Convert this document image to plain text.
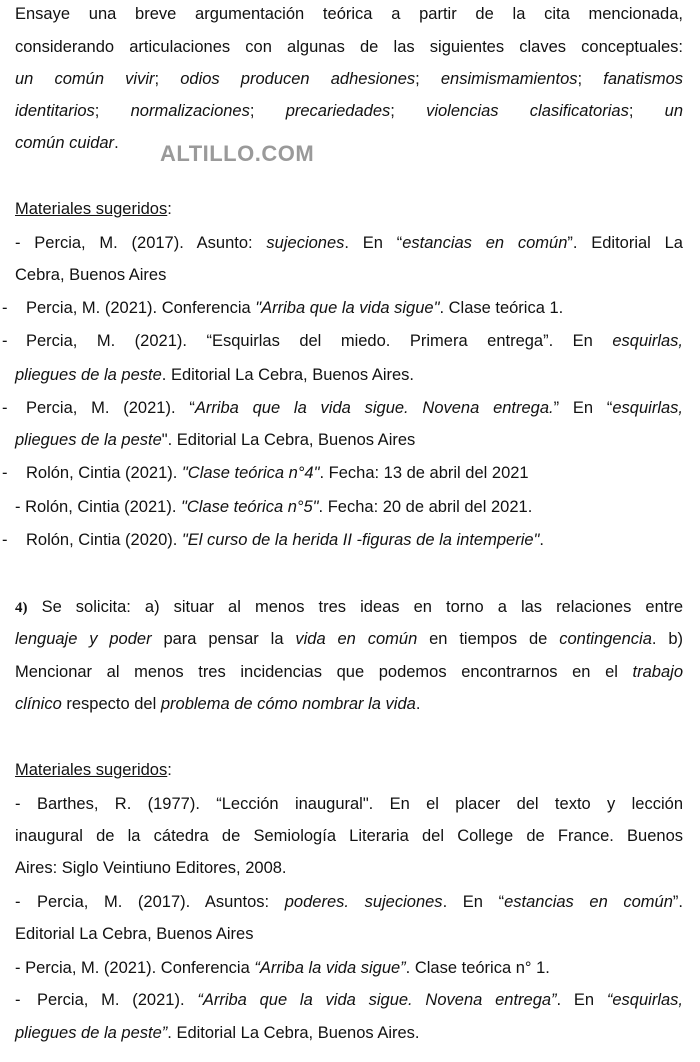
Ensaye una breve argumentación teórica a partir de la cita mencionada,
considerando articulaciones con algunas de las siguientes claves conceptuales:
un común vivir; odios producen adhesiones; ensimismamientos; fanatismos
identitarios; normalizaciones; precariedades; violencias clasificatorias; un
común cuidar.
Materiales sugeridos:
- Percia, M. (2017). Asunto: sujeciones. En “estancias en común”. Editorial La
Cebra, Buenos Aires
- Percia, M. (2021). Conferencia "Arriba que la vida sigue". Clase teórica 1.
- Percia, M. (2021). “Esquirlas del miedo. Primera entrega”. En esquirlas,
pliegues de la peste. Editorial La Cebra, Buenos Aires.
- Percia, M. (2021). “Arriba que la vida sigue. Novena entrega.” En “esquirlas,
pliegues de la peste". Editorial La Cebra, Buenos Aires
- Rolón, Cintia (2021). "Clase teórica n°4". Fecha: 13 de abril del 2021
- Rolón, Cintia (2021). "Clase teórica n°5". Fecha: 20 de abril del 2021.
- Rolón, Cintia (2020). "El curso de la herida II -figuras de la intemperie".
4) Se solicita: a) situar al menos tres ideas en torno a las relaciones entre
lenguaje y poder para pensar la vida en común en tiempos de contingencia. b)
Mencionar al menos tres incidencias que podemos encontrarnos en el trabajo
clínico respecto del problema de cómo nombrar la vida.
Materiales sugeridos:
- Barthes, R. (1977). “Lección inaugural". En el placer del texto y lección
inaugural de la cátedra de Semiología Literaria del College de France. Buenos
Aires: Siglo Veintiuno Editores, 2008.
- Percia, M. (2017). Asuntos: poderes. sujeciones. En “estancias en común”.
Editorial La Cebra, Buenos Aires
- Percia, M. (2021). Conferencia “Arriba la vida sigue”. Clase teórica n° 1.
- Percia, M. (2021). “Arriba que la vida sigue. Novena entrega”. En “esquirlas,
pliegues de la peste”. Editorial La Cebra, Buenos Aires.
ALTILLO.COM
